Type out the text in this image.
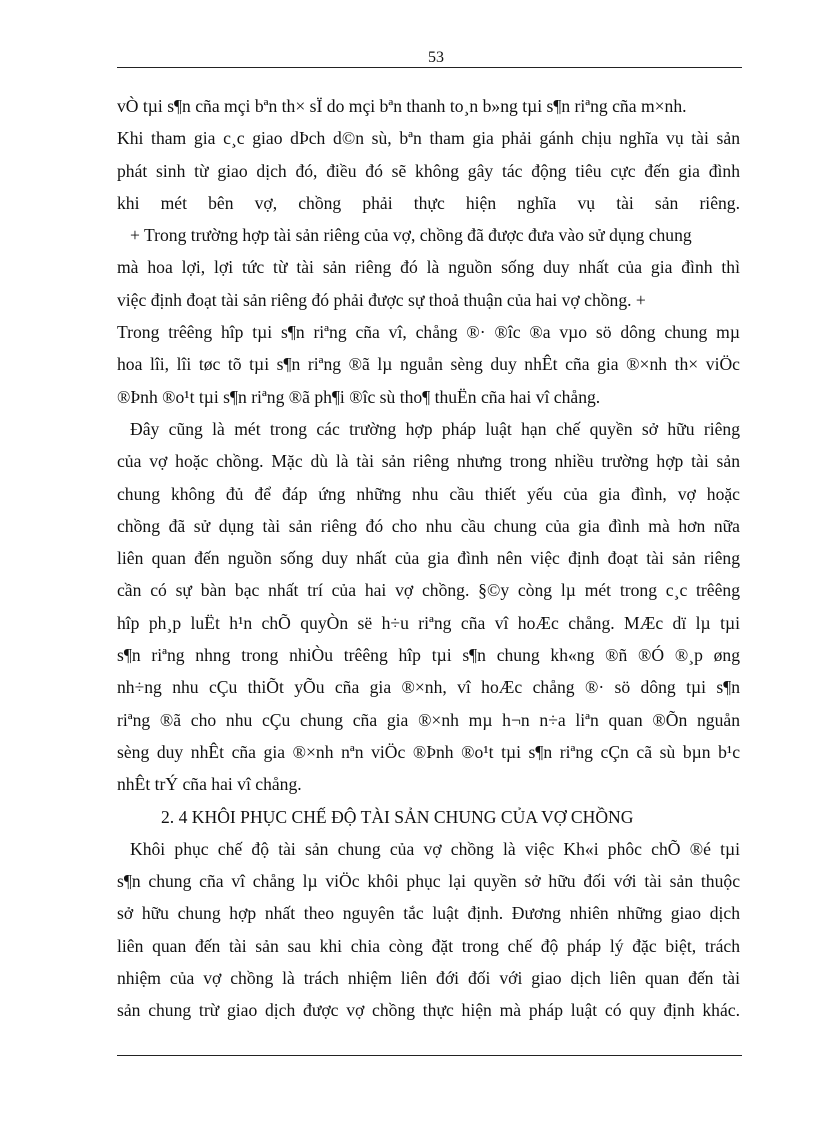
53
vÒ tµi s¶n cña mçi bªn th× sÏ do mçi bªn thanh to¸n b»ng tµi s¶n riªng cña m×nh.
Khi tham gia c¸c giao dÞch d©n sù, bªn tham gia phải gánh chịu nghĩa vụ tài sản
phát sinh từ giao dịch đó, điều đó sẽ không gây tác động tiêu cực đến gia đình
khi mét bên vợ, chồng phải thực hiện nghĩa vụ tài sản riêng.
+ Trong trường hợp tài sản riêng của vợ, chồng đã được đưa vào sử dụng chung
mà hoa lợi, lợi tức từ tài sản riêng đó là nguồn sống duy nhất của gia đình thì
việc định đoạt tài sản riêng đó phải được sự thoả thuận của hai vợ chồng. +
Trong trêêng hîp tµi s¶n riªng cña vî, chång ®· ®îc ®a vµo sö dông chung mµ
hoa lîi, lîi tøc tõ tµi s¶n riªng ®ã lµ nguån sèng duy nhÊt cña gia ®×nh th× viÖc
®Þnh ®o¹t tµi s¶n riªng ®ã ph¶i ®îc sù tho¶ thuËn cña hai vî chång.
Đây cũng là mét trong các trường hợp pháp luật hạn chế quyền sở hữu riêng
của vợ hoặc chồng. Mặc dù là tài sản riêng nhưng trong nhiều trường hợp tài sản
chung không đủ để đáp ứng những nhu cầu thiết yếu của gia đình, vợ hoặc
chồng đã sử dụng tài sản riêng đó cho nhu cầu chung của gia đình mà hơn nữa
liên quan đến nguồn sống duy nhất của gia đình nên việc định đoạt tài sản riêng
cần có sự bàn bạc nhất trí của hai vợ chồng. §©y còng lµ mét trong c¸c trêêng
hîp ph¸p luËt h¹n chÕ quyÒn së h÷u riªng cña vî hoÆc chång. MÆc dï lµ tµi
s¶n riªng nhng trong nhiÒu trêêng hîp tµi s¶n chung kh«ng ®ñ ®Ó ®¸p øng
nh÷ng nhu cÇu thiÕt yÕu cña gia ®×nh, vî hoÆc chång ®· sö dông tµi s¶n
riªng ®ã cho nhu cÇu chung cña gia ®×nh mµ h¬n n÷a liªn quan ®Õn nguån
sèng duy nhÊt cña gia ®×nh nªn viÖc ®Þnh ®o¹t tµi s¶n riªng cÇn cã sù bµn b¹c
nhÊt trÝ cña hai vî chång.
2. 4 KHÔI PHỤC CHẾ ĐỘ TÀI SẢN CHUNG CỦA VỢ CHỒNG
Khôi phục chế độ tài sản chung của vợ chồng là việc Kh«i phôc chÕ ®é tµi
s¶n chung cña vî chång lµ viÖc khôi phục lại quyền sở hữu đối với tài sản thuộc
sở hữu chung hợp nhất theo nguyên tắc luật định. Đương nhiên những giao dịch
liên quan đến tài sản sau khi chia còng đặt trong chế độ pháp lý đặc biệt, trách
nhiệm của vợ chồng là trách nhiệm liên đới đối với giao dịch liên quan đến tài
sản chung trừ giao dịch được vợ chồng thực hiện mà pháp luật có quy định khác.
